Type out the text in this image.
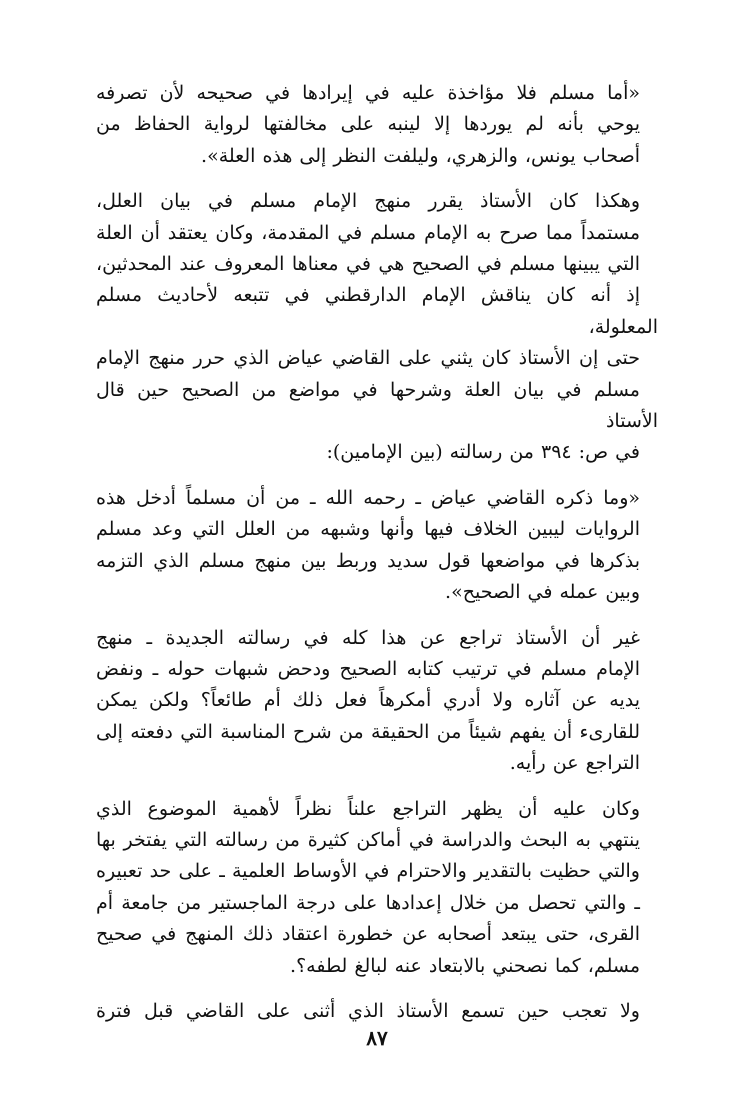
«أما مسلم فلا مؤاخذة عليه في إيرادها في صحيحه لأن تصرفه
يوحي بأنه لم يوردها إلا لينبه على مخالفتها لرواية الحفاظ من
أصحاب يونس، والزهري، وليلفت النظر إلى هذه العلة».
وهكذا كان الأستاذ يقرر منهج الإمام مسلم في بيان العلل،
مستمداً مما صرح به الإمام مسلم في المقدمة، وكان يعتقد أن العلة
التي يبينها مسلم في الصحيح هي في معناها المعروف عند المحدثين،
إذ أنه كان يناقش الإمام الدارقطني في تتبعه لأحاديث مسلم المعلولة،
حتى إن الأستاذ كان يثني على القاضي عياض الذي حرر منهج الإمام
مسلم في بيان العلة وشرحها في مواضع من الصحيح حين قال الأستاذ
في ص: ٣٩٤ من رسالته (بين الإمامين):
«وما ذكره القاضي عياض ـ رحمه الله ـ من أن مسلماً أدخل هذه
الروايات ليبين الخلاف فيها وأنها وشبهه من العلل التي وعد مسلم
بذكرها في مواضعها قول سديد وربط بين منهج مسلم الذي التزمه
وبين عمله في الصحيح».
غير أن الأستاذ تراجع عن هذا كله في رسالته الجديدة ـ منهج
الإمام مسلم في ترتيب كتابه الصحيح ودحض شبهات حوله ـ ونفض
يديه عن آثاره ولا أدري أمكرهاً فعل ذلك أم طائعاً؟ ولكن يمكن
للقارىء أن يفهم شيئاً من الحقيقة من شرح المناسبة التي دفعته إلى
التراجع عن رأيه.
وكان عليه أن يظهر التراجع علناً نظراً لأهمية الموضوع الذي
ينتهي به البحث والدراسة في أماكن كثيرة من رسالته التي يفتخر بها
والتي حظيت بالتقدير والاحترام في الأوساط العلمية ـ على حد تعبيره
ـ والتي تحصل من خلال إعدادها على درجة الماجستير من جامعة أم
القرى، حتى يبتعد أصحابه عن خطورة اعتقاد ذلك المنهج في صحيح
مسلم، كما نصحني بالابتعاد عنه لبالغ لطفه؟.
ولا تعجب حين تسمع الأستاذ الذي أثنى على القاضي قبل فترة
٨٧
